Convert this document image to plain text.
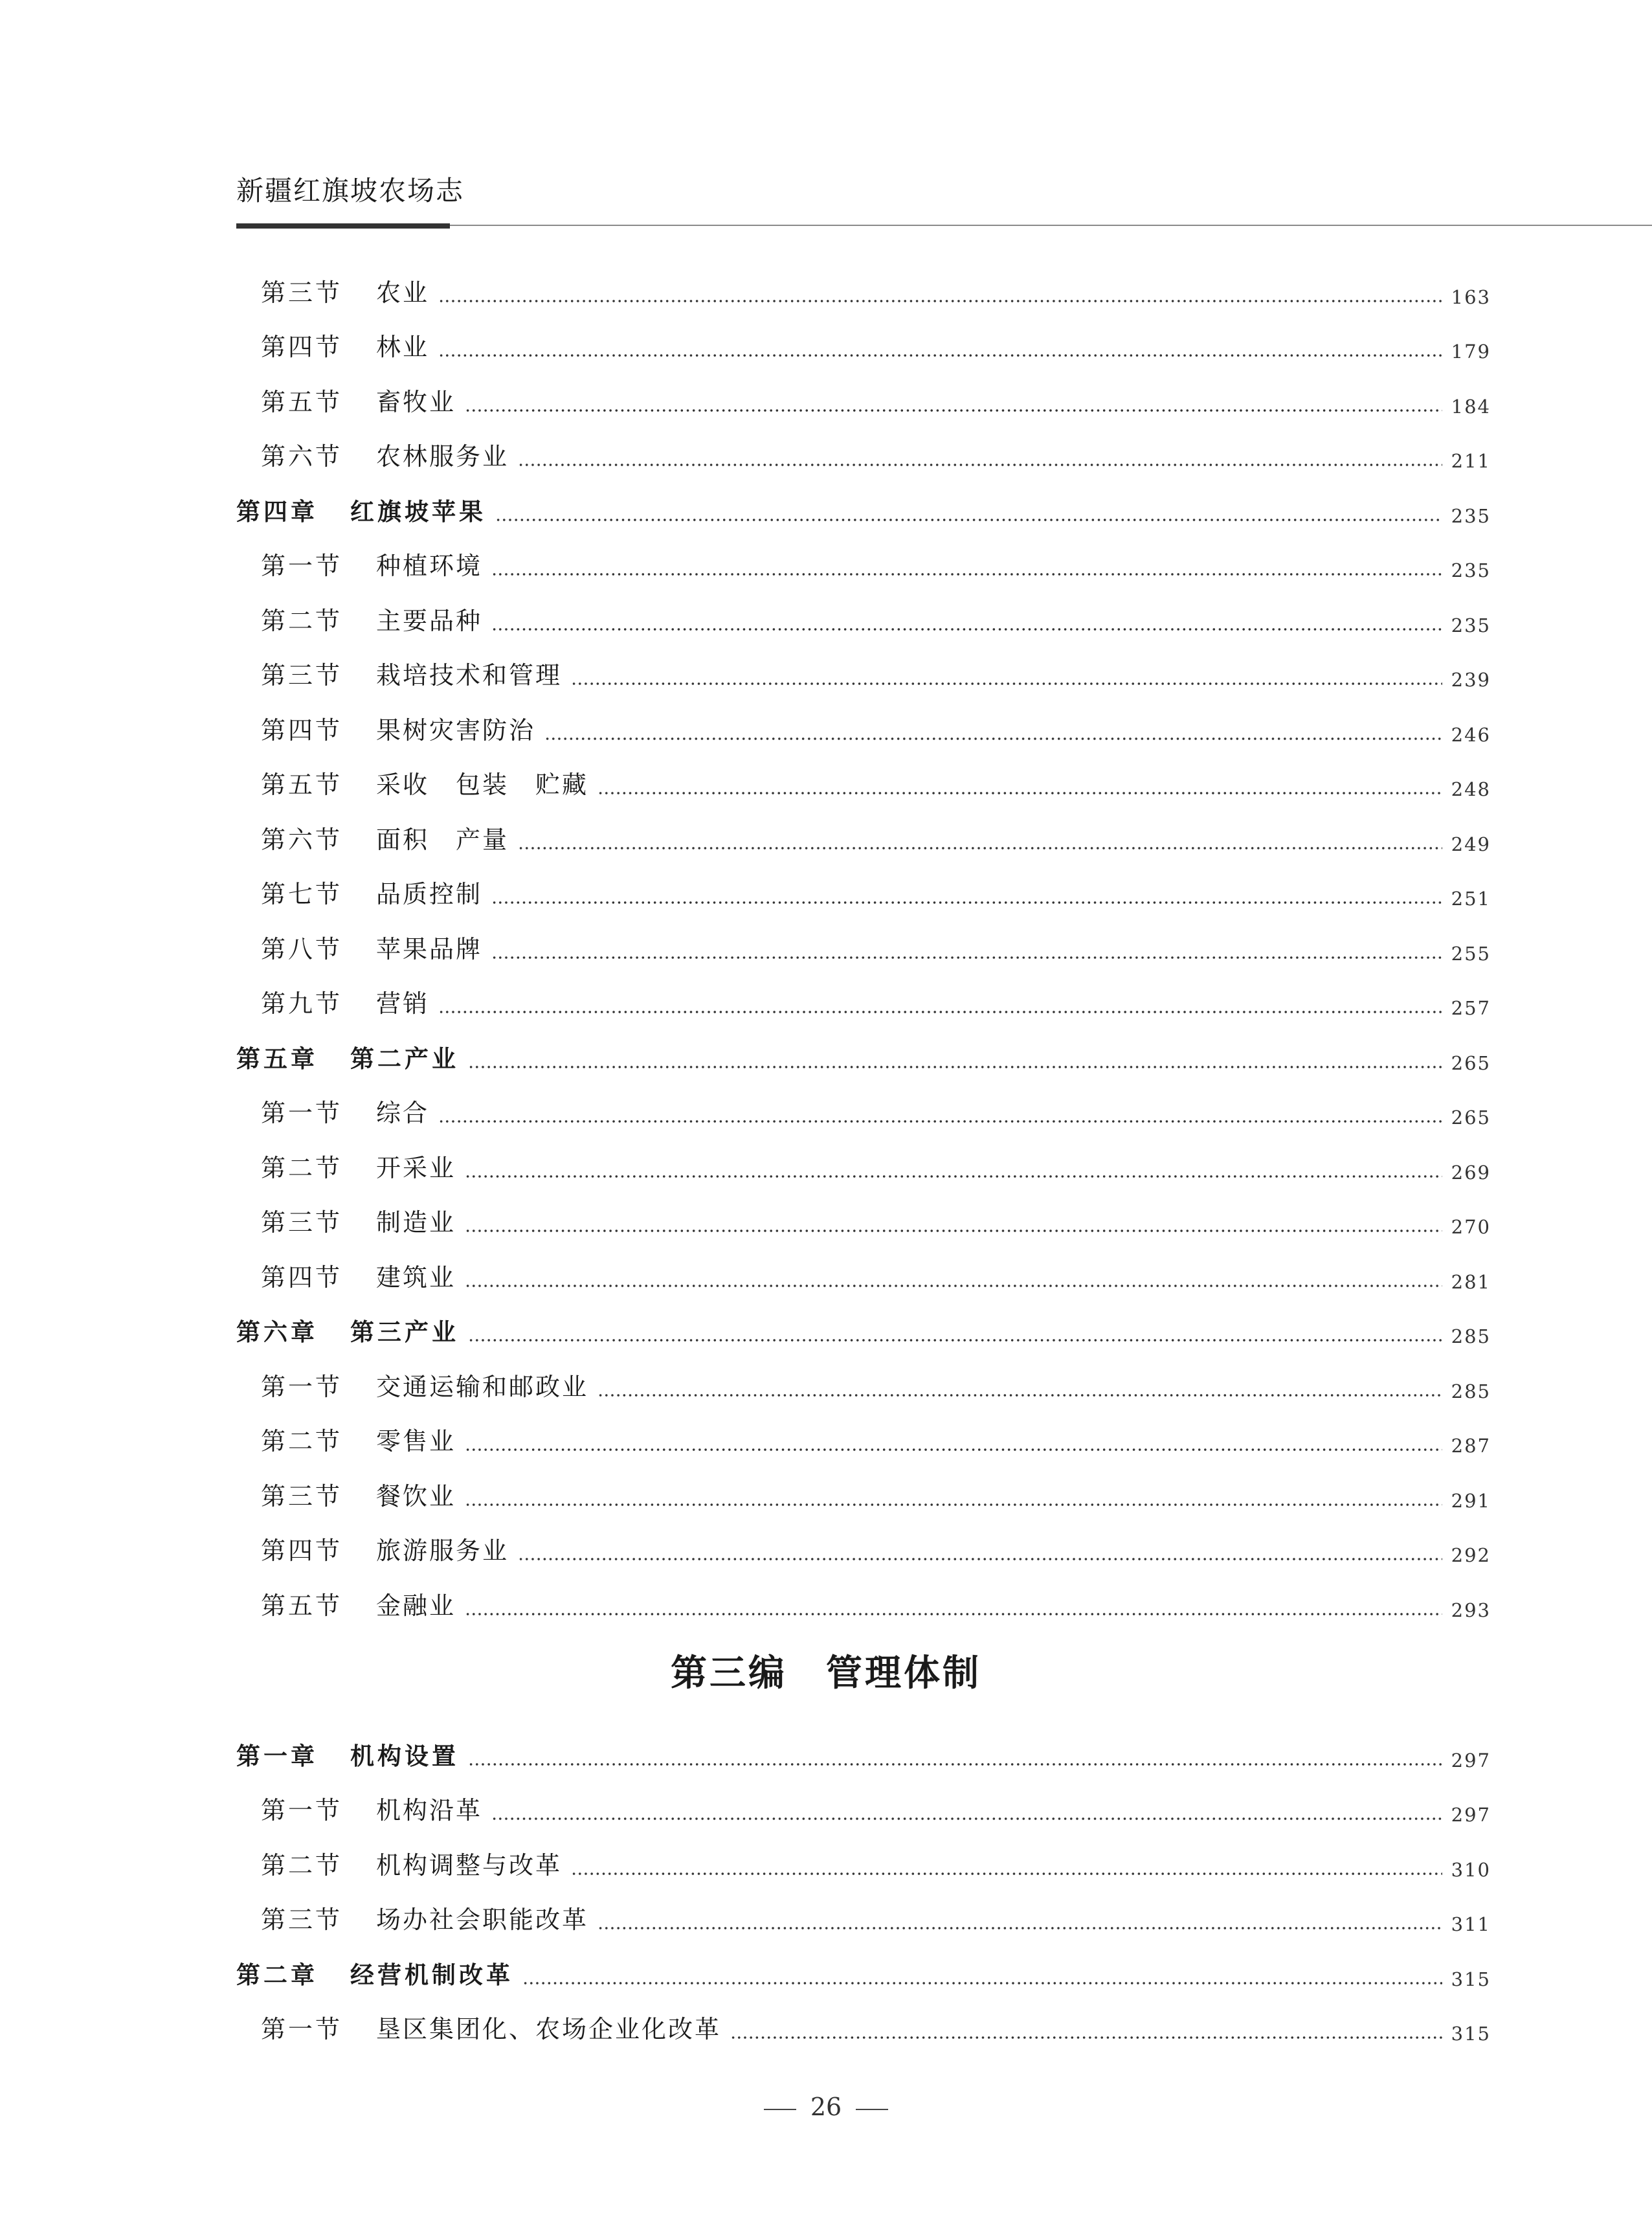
新疆红旗坡农场志
第三节	农业	163
第四节	林业	179
第五节	畜牧业	184
第六节	农林服务业	211
第四章	红旗坡苹果	235
第一节	种植环境	235
第二节	主要品种	235
第三节	栽培技术和管理	239
第四节	果树灾害防治	246
第五节	采收　包装　贮藏	248
第六节	面积　产量	249
第七节	品质控制	251
第八节	苹果品牌	255
第九节	营销	257
第五章	第二产业	265
第一节	综合	265
第二节	开采业	269
第三节	制造业	270
第四节	建筑业	281
第六章	第三产业	285
第一节	交通运输和邮政业	285
第二节	零售业	287
第三节	餐饮业	291
第四节	旅游服务业	292
第五节	金融业	293
第三编 管理体制
第一章	机构设置	297
第一节	机构沿革	297
第二节	机构调整与改革	310
第三节	场办社会职能改革	311
第二章	经营机制改革	315
第一节	垦区集团化、农场企业化改革	315
26
